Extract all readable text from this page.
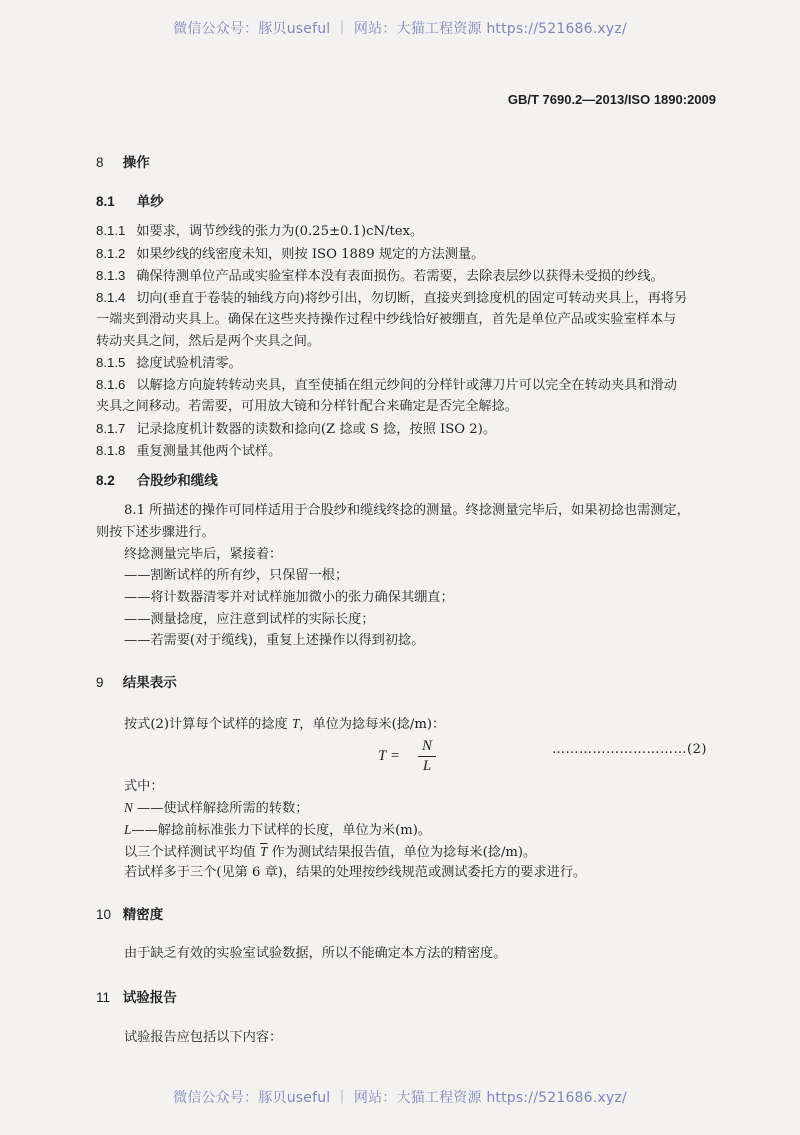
微信公众号：豚贝useful ｜ 网站：大猫工程资源 https://521686.xyz/
GB/T 7690.2—2013/ISO 1890:2009
8 操作
8.1 单纱
8.1.1 如要求，调节纱线的张力为(0.25±0.1)cN/tex。
8.1.2 如果纱线的线密度未知，则按 ISO 1889 规定的方法测量。
8.1.3 确保待测单位产品或实验室样本没有表面损伤。若需要，去除表层纱以获得未受损的纱线。
8.1.4 切向(垂直于卷装的轴线方向)将纱引出，勿切断，直接夹到捻度机的固定可转动夹具上，再将另
一端夹到滑动夹具上。确保在这些夹持操作过程中纱线恰好被绷直，首先是单位产品或实验室样本与
转动夹具之间，然后是两个夹具之间。
8.1.5 捻度试验机清零。
8.1.6 以解捻方向旋转转动夹具，直至使插在组元纱间的分样针或薄刀片可以完全在转动夹具和滑动
夹具之间移动。若需要，可用放大镜和分样针配合来确定是否完全解捻。
8.1.7 记录捻度机计数器的读数和捻向(Z 捻或 S 捻，按照 ISO 2)。
8.1.8 重复测量其他两个试样。
8.2 合股纱和缆线
8.1 所描述的操作可同样适用于合股纱和缆线终捻的测量。终捻测量完毕后，如果初捻也需测定，
则按下述步骤进行。
终捻测量完毕后，紧接着：
——割断试样的所有纱，只保留一根；
——将计数器清零并对试样施加微小的张力确保其绷直；
——测量捻度，应注意到试样的实际长度；
——若需要(对于缆线)，重复上述操作以得到初捻。
9 结果表示
按式(2)计算每个试样的捻度 T，单位为捻每米(捻/m)：
T =
N
L
…………………………(2)
式中：
N ——使试样解捻所需的转数；
L——解捻前标准张力下试样的长度，单位为米(m)。
以三个试样测试平均值 $\overline{T}$ 作为测试结果报告值，单位为捻每米(捻/m)。
若试样多于三个(见第 6 章)，结果的处理按纱线规范或测试委托方的要求进行。
10 精密度
由于缺乏有效的实验室试验数据，所以不能确定本方法的精密度。
11 试验报告
试验报告应包括以下内容：
微信公众号：豚贝useful ｜ 网站：大猫工程资源 https://521686.xyz/
